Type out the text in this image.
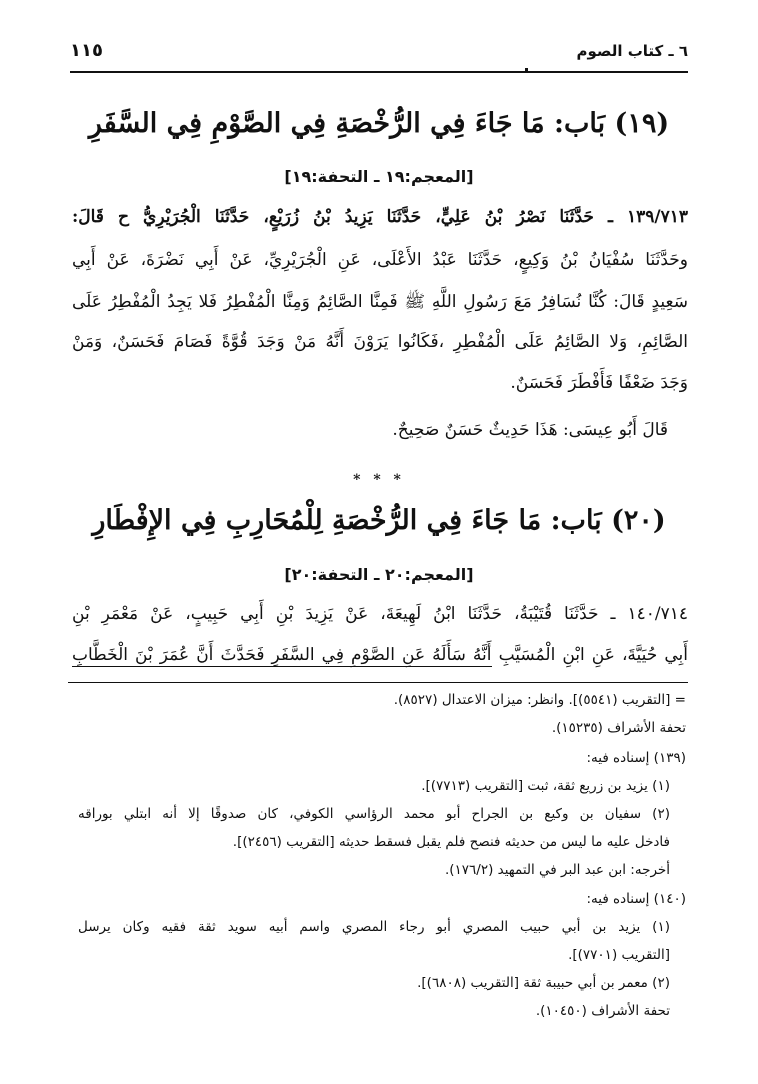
٦ ـ كتاب الصوم
١١٥
(١٩) بَاب: مَا جَاءَ فِي الرُّخْصَةِ فِي الصَّوْمِ فِي السَّفَرِ
[المعجم:١٩ ـ التحفة:١٩]
١٣٩/٧١٣ ـ حَدَّثَنَا نَصْرُ بْنُ عَلِيٍّ، حَدَّثَنَا يَزِيدُ بْنُ زُرَيْعٍ، حَدَّثَنَا الْجُرَيْرِيُّ ح قَالَ:
وحَدَّثَنَا سُفْيَانُ بْنُ وَكِيعٍ، حَدَّثَنَا عَبْدُ الأَعْلَى، عَنِ الْجُرَيْرِيِّ، عَنْ أَبِي نَضْرَةَ، عَنْ أَبِي
سَعِيدٍ قَالَ: كُنَّا نُسَافِرُ مَعَ رَسُولِ اللَّهِ ﷺ فَمِنَّا الصَّائِمُ وَمِنَّا الْمُفْطِرُ فَلا يَجِدُ الْمُفْطِرُ عَلَى
الصَّائِمِ، وَلا الصَّائِمُ عَلَى الْمُفْطِرِ ،فَكَانُوا يَرَوْنَ أَنَّهُ مَنْ وَجَدَ قُوَّةً فَصَامَ فَحَسَنٌ، وَمَنْ
وَجَدَ ضَعْفًا فَأَفْطَرَ فَحَسَنٌ.
قَالَ أَبُو عِيسَى: هَذَا حَدِيثٌ حَسَنٌ صَحِيحٌ.
* * *
(٢٠) بَاب: مَا جَاءَ فِي الرُّخْصَةِ لِلْمُحَارِبِ فِي الإِفْطَارِ
[المعجم:٢٠ ـ التحفة:٢٠]
١٤٠/٧١٤ ـ حَدَّثَنَا قُتَيْبَةُ، حَدَّثَنَا ابْنُ لَهِيعَةَ، عَنْ يَزِيدَ بْنِ أَبِي حَبِيبٍ، عَنْ مَعْمَرِ بْنِ
أَبِي حُيَيَّةَ، عَنِ ابْنِ الْمُسَيَّبِ أَنَّهُ سَأَلَهُ عَنِ الصَّوْمِ فِي السَّفَرِ فَحَدَّثَ أَنَّ عُمَرَ بْنَ الْخَطَّابِ
= [التقريب (٥٥٤١)]. وانظر: ميزان الاعتدال (٨٥٢٧).
تحفة الأشراف (١٥٢٣٥).
(١٣٩) إسناده فيه:
(١) يزيد بن زريع ثقة، ثبت [التقريب (٧٧١٣)].
(٢) سفيان بن وكيع بن الجراح أبو محمد الرؤاسي الكوفي، كان صدوقًا إلا أنه ابتلي بوراقه
فادخل عليه ما ليس من حديثه فنصح فلم يقبل فسقط حديثه [التقريب (٢٤٥٦)].
أخرجه: ابن عبد البر في التمهيد (١٧٦/٢).
(١٤٠) إسناده فيه:
(١) يزيد بن أبي حبيب المصري أبو رجاء المصري واسم أبيه سويد ثقة فقيه وكان يرسل
[التقريب (٧٧٠١)].
(٢) معمر بن أبي حبيبة ثقة [التقريب (٦٨٠٨)].
تحفة الأشراف (١٠٤٥٠).
